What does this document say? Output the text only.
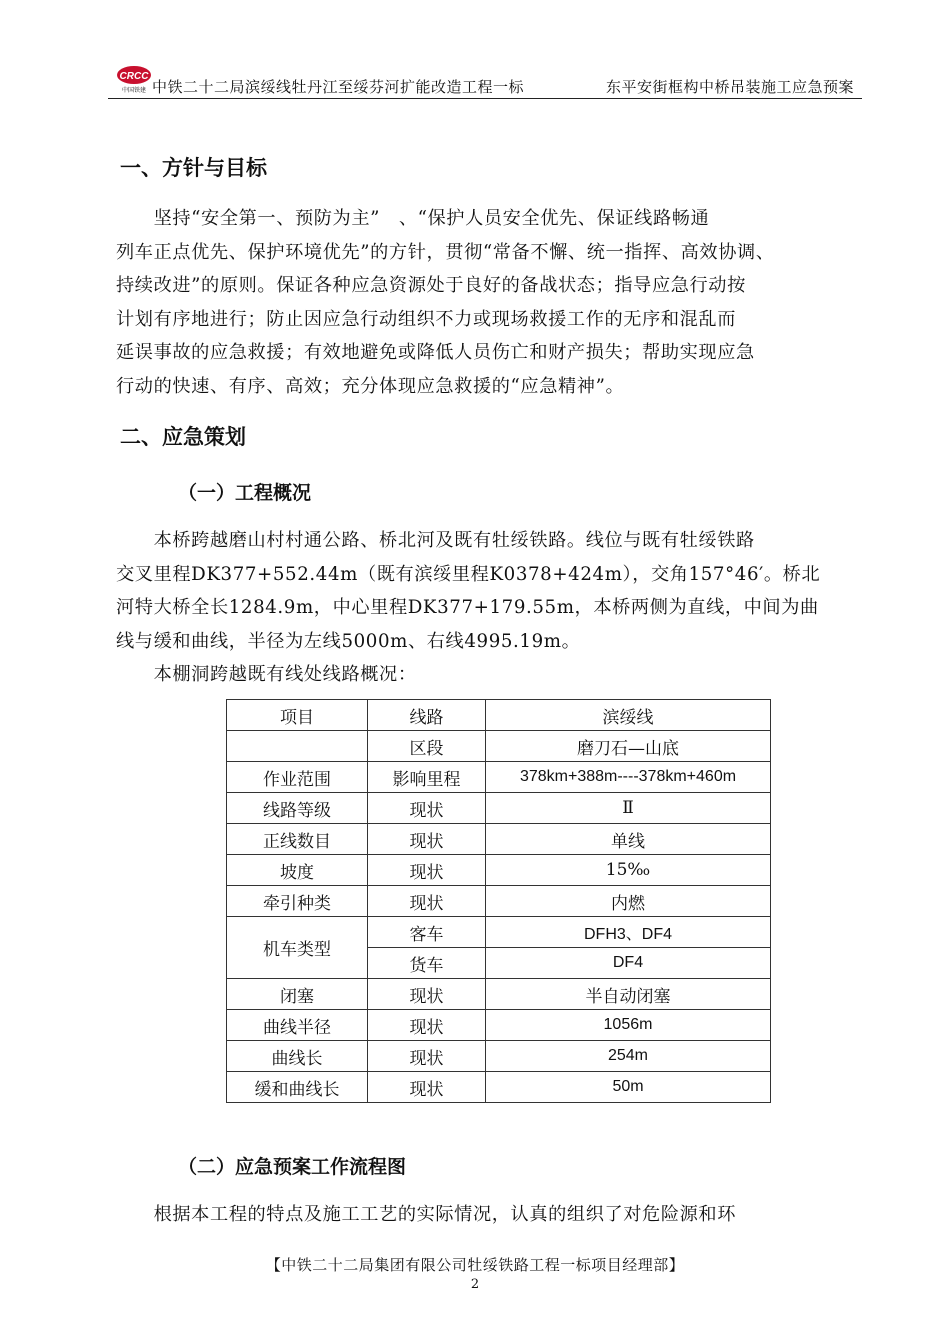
CRCC
中国铁建 中铁二十二局滨绥线牡丹江至绥芬河扩能改造工程一标	东平安街框构中桥吊装施工应急预案
一、方针与目标

　　坚持“安全第一、预防为主”　、“保护人员安全优先、保证线路畅通

列车正点优先、保护环境优先”的方针，贯彻“常备不懈、统一指挥、高效协调、

持续改进”的原则。保证各种应急资源处于良好的备战状态；指导应急行动按

计划有序地进行；防止因应急行动组织不力或现场救援工作的无序和混乱而

延误事故的应急救援；有效地避免或降低人员伤亡和财产损失；帮助实现应急

行动的快速、有序、高效；充分体现应急救援的“应急精神”。

二、应急策划
（一）工程概况

　　本桥跨越磨山村村通公路、桥北河及既有牡绥铁路。线位与既有牡绥铁路

交叉里程DK377+552.44m（既有滨绥里程K0378+424m），交角157°46′。桥北

河特大桥全长1284.9m，中心里程DK377+179.55m，本桥两侧为直线，中间为曲

线与缓和曲线，半径为左线5000m、右线4995.19m。

　　本棚洞跨越既有线处线路概况：

项目	线路	滨绥线
	区段	磨刀石—山底
作业范围	影响里程	378km+388m----378km+460m
线路等级	现状	Ⅱ
正线数目	现状	单线
坡度	现状	15‰
牵引种类	现状	内燃
机车类型	客车	DFH3、DF4
	货车	DF4
闭塞	现状	半自动闭塞
曲线半径	现状	1056m
曲线长	现状	254m
缓和曲线长	现状	50m
（二）应急预案工作流程图

　　根据本工程的特点及施工工艺的实际情况，认真的组织了对危险源和环

【中铁二十二局集团有限公司牡绥铁路工程一标项目经理部】
2
